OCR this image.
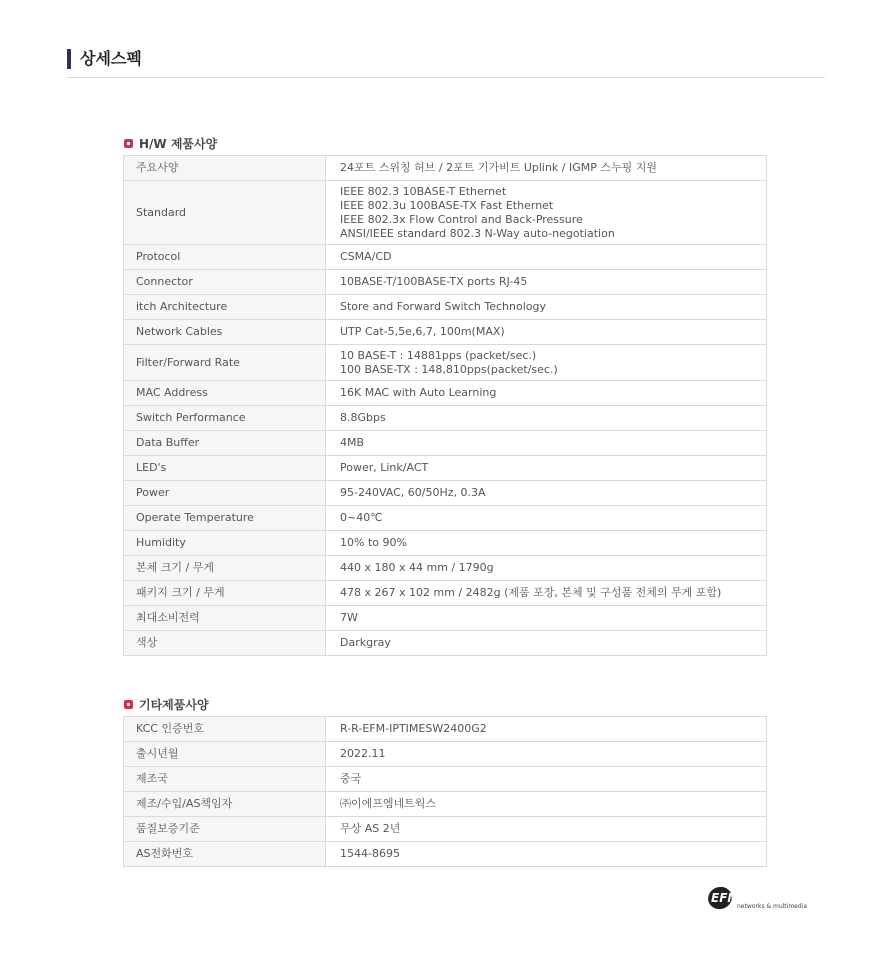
상세스펙
H/W 제품사양
주요사양	24포트 스위칭 허브 / 2포트 기가비트 Uplink / IGMP 스누핑 지원

Standard	IEEE 802.3 10BASE-T Ethernet
IEEE 802.3u 100BASE-TX Fast Ethernet
IEEE 802.3x Flow Control and Back-Pressure
ANSI/IEEE standard 802.3 N-Way auto-negotiation

Protocol	CSMA/CD

Connector	10BASE-T/100BASE-TX ports RJ-45

itch Architecture	Store and Forward Switch Technology

Network Cables	UTP Cat-5,5e,6,7, 100m(MAX)

Filter/Forward Rate	10 BASE-T : 14881pps (packet/sec.)
100 BASE-TX : 148,810pps(packet/sec.)

MAC Address	16K MAC with Auto Learning

Switch Performance	8.8Gbps

Data Buffer	4MB

LED's	Power, Link/ACT

Power	95-240VAC, 60/50Hz, 0.3A

Operate Temperature	0~40℃

Humidity	10% to 90%

본체 크기 / 무게	440 x 180 x 44 mm / 1790g

패키지 크기 / 무게	478 x 267 x 102 mm / 2482g (제품 포장, 본체 및 구성품 전체의 무게 포함)

최대소비전력	7W

색상	Darkgray
기타제품사양
KCC 인증번호	R-R-EFM-IPTIMESW2400G2

출시년월	2022.11

제조국	중국

제조/수입/AS책임자	㈜이에프엠네트웍스

품질보증기준	무상 AS 2년

AS전화번호	1544-8695
EFM
networks & multimedia
